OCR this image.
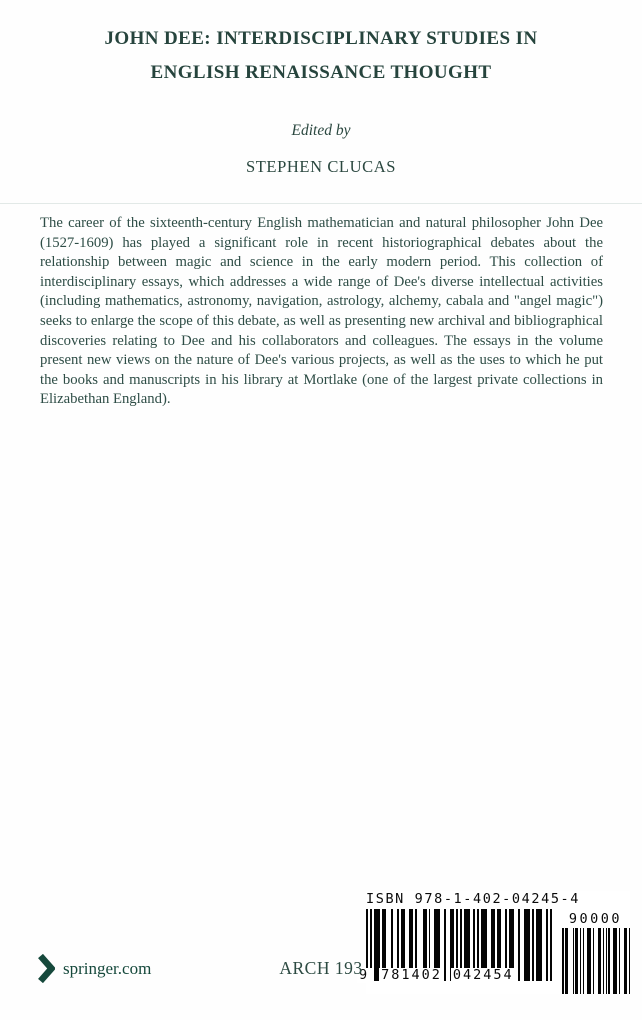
JOHN DEE: INTERDISCIPLINARY STUDIES IN
ENGLISH RENAISSANCE THOUGHT
Edited by
STEPHEN CLUCAS

The career of the sixteenth-century English mathematician and natural philosopher John Dee (1527-1609) has played a significant role in recent historiographical debates about the relationship between magic and science in the early modern period. This collection of interdisciplinary essays, which addresses a wide range of Dee's diverse intellectual activities (including mathematics, astronomy, navigation, astrology, alchemy, cabala and "angel magic") seeks to enlarge the scope of this debate, as well as presenting new archival and bibliographical discoveries relating to Dee and his collaborators and colleagues. The essays in the volume present new views on the nature of Dee's various projects, as well as the uses to which he put the books and manuscripts in his library at Mortlake (one of the largest private collections in Elizabethan England).

ISBN 978-1-402-04245-4
9 781402 042454
90000
springer.com	ARCH 193
